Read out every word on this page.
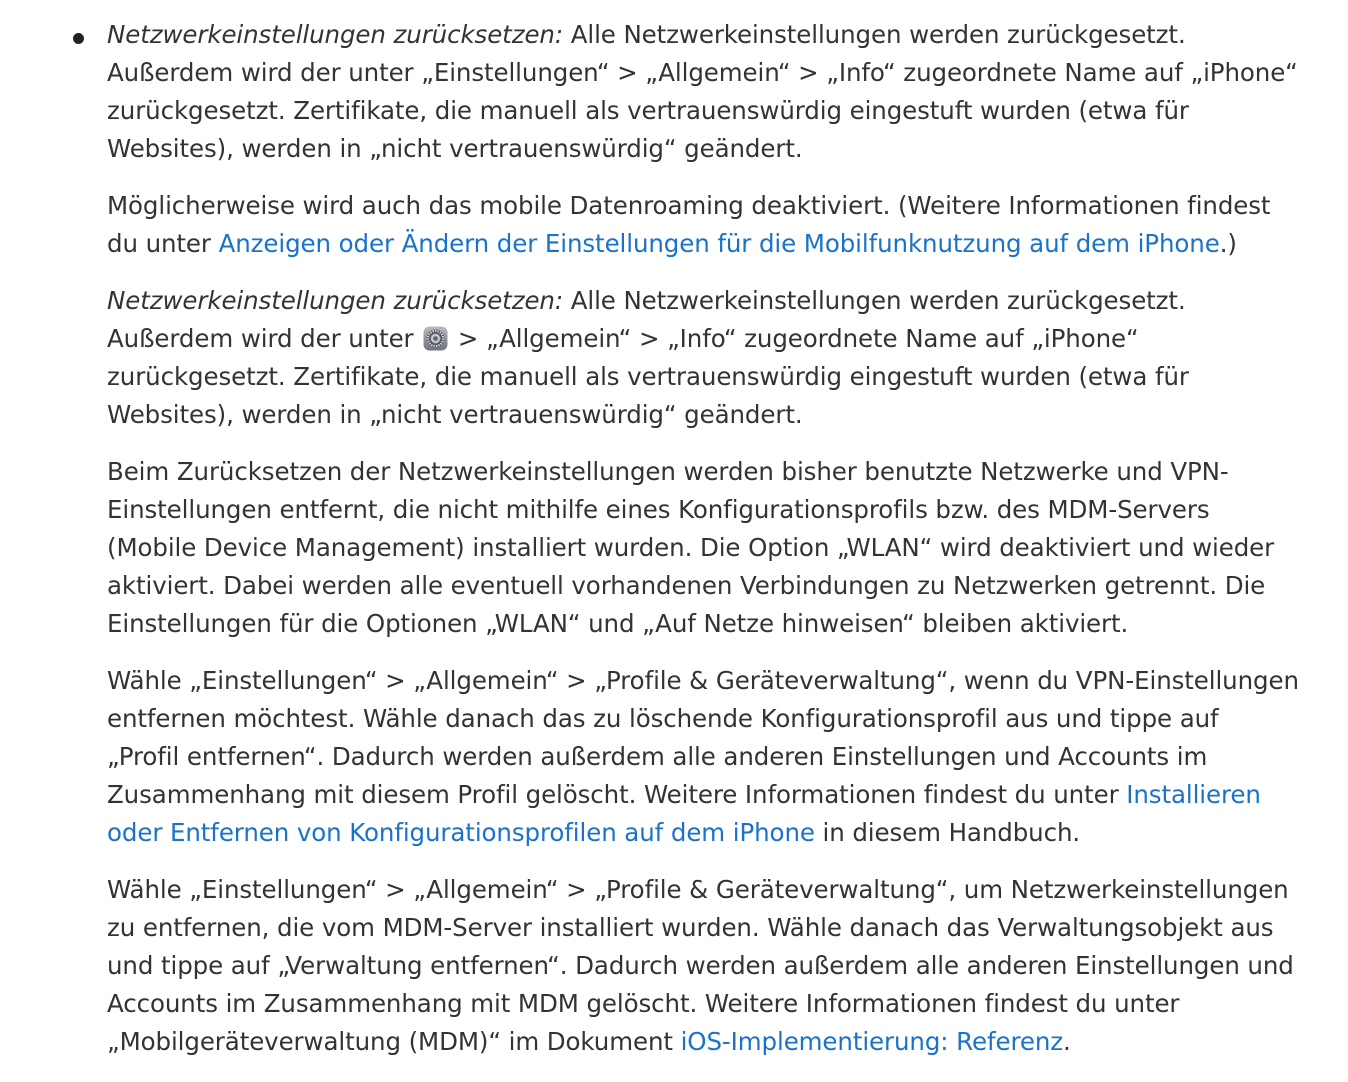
Netzwerkeinstellungen zurücksetzen: Alle Netzwerkeinstellungen werden zurückgesetzt.
Außerdem wird der unter „Einstellungen“ > „Allgemein“ > „Info“ zugeordnete Name auf „iPhone“
zurückgesetzt. Zertifikate, die manuell als vertrauenswürdig eingestuft wurden (etwa für
Websites), werden in „nicht vertrauenswürdig“ geändert.

Möglicherweise wird auch das mobile Datenroaming deaktiviert. (Weitere Informationen findest
du unter Anzeigen oder Ändern der Einstellungen für die Mobilfunknutzung auf dem iPhone.)

Netzwerkeinstellungen zurücksetzen: Alle Netzwerkeinstellungen werden zurückgesetzt.
Außerdem wird der unter  > „Allgemein“ > „Info“ zugeordnete Name auf „iPhone“
zurückgesetzt. Zertifikate, die manuell als vertrauenswürdig eingestuft wurden (etwa für
Websites), werden in „nicht vertrauenswürdig“ geändert.

Beim Zurücksetzen der Netzwerkeinstellungen werden bisher benutzte Netzwerke und VPN-
Einstellungen entfernt, die nicht mithilfe eines Konfigurationsprofils bzw. des MDM-Servers
(Mobile Device Management) installiert wurden. Die Option „WLAN“ wird deaktiviert und wieder
aktiviert. Dabei werden alle eventuell vorhandenen Verbindungen zu Netzwerken getrennt. Die
Einstellungen für die Optionen „WLAN“ und „Auf Netze hinweisen“ bleiben aktiviert.

Wähle „Einstellungen“ > „Allgemein“ > „Profile & Geräteverwaltung“, wenn du VPN-Einstellungen
entfernen möchtest. Wähle danach das zu löschende Konfigurationsprofil aus und tippe auf
„Profil entfernen“. Dadurch werden außerdem alle anderen Einstellungen und Accounts im
Zusammenhang mit diesem Profil gelöscht. Weitere Informationen findest du unter Installieren
oder Entfernen von Konfigurationsprofilen auf dem iPhone in diesem Handbuch.

Wähle „Einstellungen“ > „Allgemein“ > „Profile & Geräteverwaltung“, um Netzwerkeinstellungen
zu entfernen, die vom MDM-Server installiert wurden. Wähle danach das Verwaltungsobjekt aus
und tippe auf „Verwaltung entfernen“. Dadurch werden außerdem alle anderen Einstellungen und
Accounts im Zusammenhang mit MDM gelöscht. Weitere Informationen findest du unter
„Mobilgeräteverwaltung (MDM)“ im Dokument iOS-Implementierung: Referenz.
